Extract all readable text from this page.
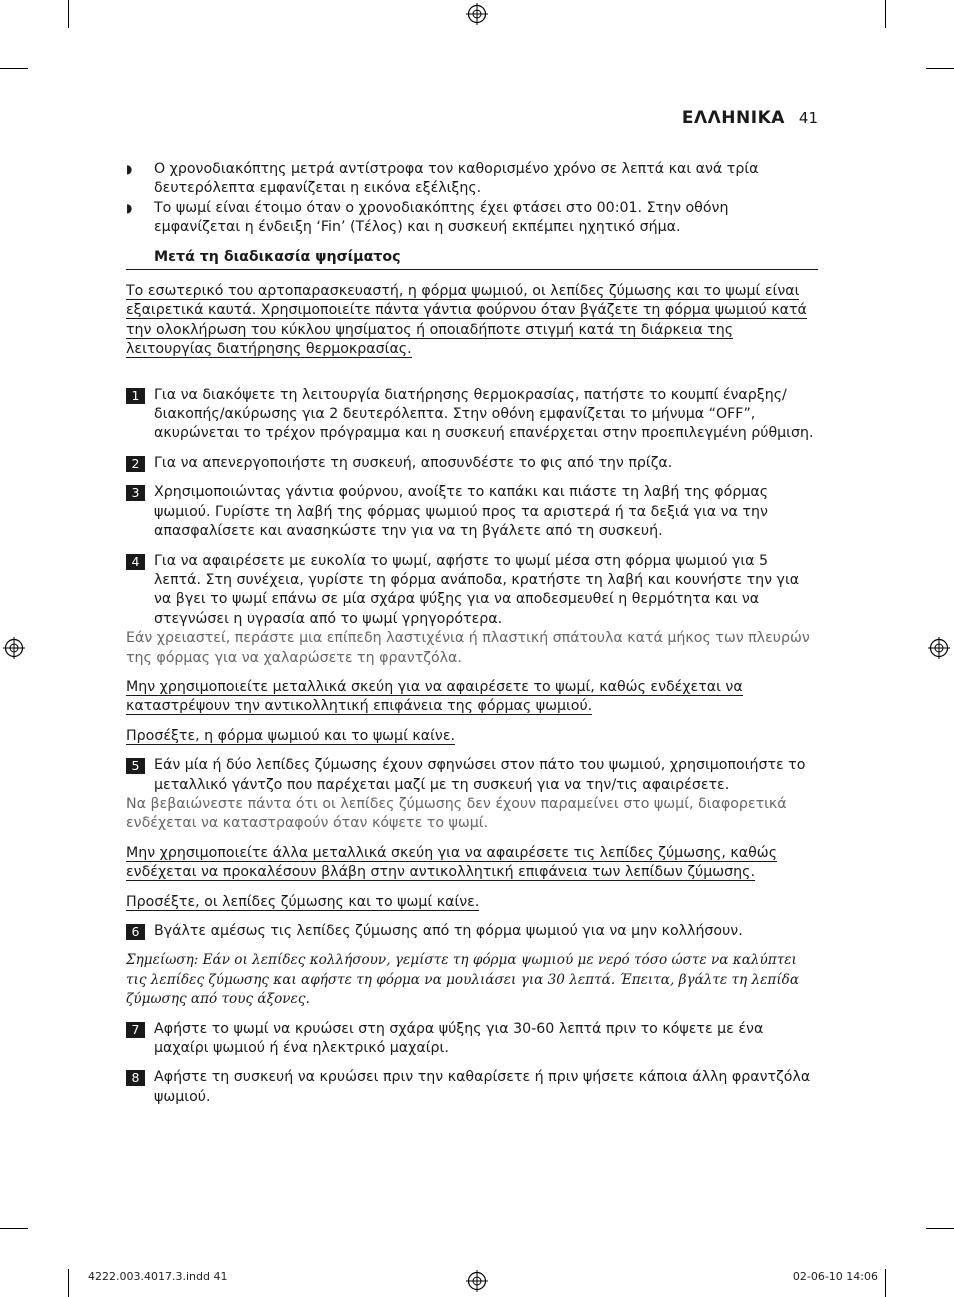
ΕΛΛΗΝΙΚΑ 41

◗ Ο χρονοδιακόπτης μετρά αντίστροφα τον καθορισμένο χρόνο σε λεπτά και ανά τρία δευτερόλεπτα εμφανίζεται η εικόνα εξέλιξης.

◗ Το ψωμί είναι έτοιμο όταν ο χρονοδιακόπτης έχει φτάσει στο 00:01. Στην οθόνη εμφανίζεται η ένδειξη ‘Fin’ (Τέλος) και η συσκευή εκπέμπει ηχητικό σήμα.

Μετά τη διαδικασία ψησίματος

Το εσωτερικό του αρτοπαρασκευαστή, η φόρμα ψωμιού, οι λεπίδες ζύμωσης και το ψωμί είναι εξαιρετικά καυτά. Χρησιμοποιείτε πάντα γάντια φούρνου όταν βγάζετε τη φόρμα ψωμιού κατά την ολοκλήρωση του κύκλου ψησίματος ή οποιαδήποτε στιγμή κατά τη διάρκεια της λειτουργίας διατήρησης θερμοκρασίας.

1	Για να διακόψετε τη λειτουργία διατήρησης θερμοκρασίας, πατήστε το κουμπί έναρξης/διακοπής/ακύρωσης για 2 δευτερόλεπτα. Στην οθόνη εμφανίζεται το μήνυμα “OFF”, ακυρώνεται το τρέχον πρόγραμμα και η συσκευή επανέρχεται στην προεπιλεγμένη ρύθμιση.

2	Για να απενεργοποιήστε τη συσκευή, αποσυνδέστε το φις από την πρίζα.

3	Χρησιμοποιώντας γάντια φούρνου, ανοίξτε το καπάκι και πιάστε τη λαβή της φόρμας ψωμιού. Γυρίστε τη λαβή της φόρμας ψωμιού προς τα αριστερά ή τα δεξιά για να την απασφαλίσετε και ανασηκώστε την για να τη βγάλετε από τη συσκευή.

4	Για να αφαιρέσετε με ευκολία το ψωμί, αφήστε το ψωμί μέσα στη φόρμα ψωμιού για 5 λεπτά. Στη συνέχεια, γυρίστε τη φόρμα ανάποδα, κρατήστε τη λαβή και κουνήστε την για να βγει το ψωμί επάνω σε μία σχάρα ψύξης για να αποδεσμευθεί η θερμότητα και να στεγνώσει η υγρασία από το ψωμί γρηγορότερα.

Εάν χρειαστεί, περάστε μια επίπεδη λαστιχένια ή πλαστική σπάτουλα κατά μήκος των πλευρών της φόρμας για να χαλαρώσετε τη φραντζόλα.

Μην χρησιμοποιείτε μεταλλικά σκεύη για να αφαιρέσετε το ψωμί, καθώς ενδέχεται να καταστρέψουν την αντικολλητική επιφάνεια της φόρμας ψωμιού.

Προσέξτε, η φόρμα ψωμιού και το ψωμί καίνε.

5	Εάν μία ή δύο λεπίδες ζύμωσης έχουν σφηνώσει στον πάτο του ψωμιού, χρησιμοποιήστε το μεταλλικό γάντζο που παρέχεται μαζί με τη συσκευή για να την/τις αφαιρέσετε.

Να βεβαιώνεστε πάντα ότι οι λεπίδες ζύμωσης δεν έχουν παραμείνει στο ψωμί, διαφορετικά ενδέχεται να καταστραφούν όταν κόψετε το ψωμί.

Μην χρησιμοποιείτε άλλα μεταλλικά σκεύη για να αφαιρέσετε τις λεπίδες ζύμωσης, καθώς ενδέχεται να προκαλέσουν βλάβη στην αντικολλητική επιφάνεια των λεπίδων ζύμωσης.

Προσέξτε, οι λεπίδες ζύμωσης και το ψωμί καίνε.

6	Βγάλτε αμέσως τις λεπίδες ζύμωσης από τη φόρμα ψωμιού για να μην κολλήσουν.

Σημείωση: Εάν οι λεπίδες κολλήσουν, γεμίστε τη φόρμα ψωμιού με νερό τόσο ώστε να καλύπτει τις λεπίδες ζύμωσης και αφήστε τη φόρμα να μουλιάσει για 30 λεπτά. Έπειτα, βγάλτε τη λεπίδα ζύμωσης από τους άξονες.

7	Αφήστε το ψωμί να κρυώσει στη σχάρα ψύξης για 30-60 λεπτά πριν το κόψετε με ένα μαχαίρι ψωμιού ή ένα ηλεκτρικό μαχαίρι.

8	Αφήστε τη συσκευή να κρυώσει πριν την καθαρίσετε ή πριν ψήσετε κάποια άλλη φραντζόλα ψωμιού.

4222.003.4017.3.indd 41	02-06-10 14:06
